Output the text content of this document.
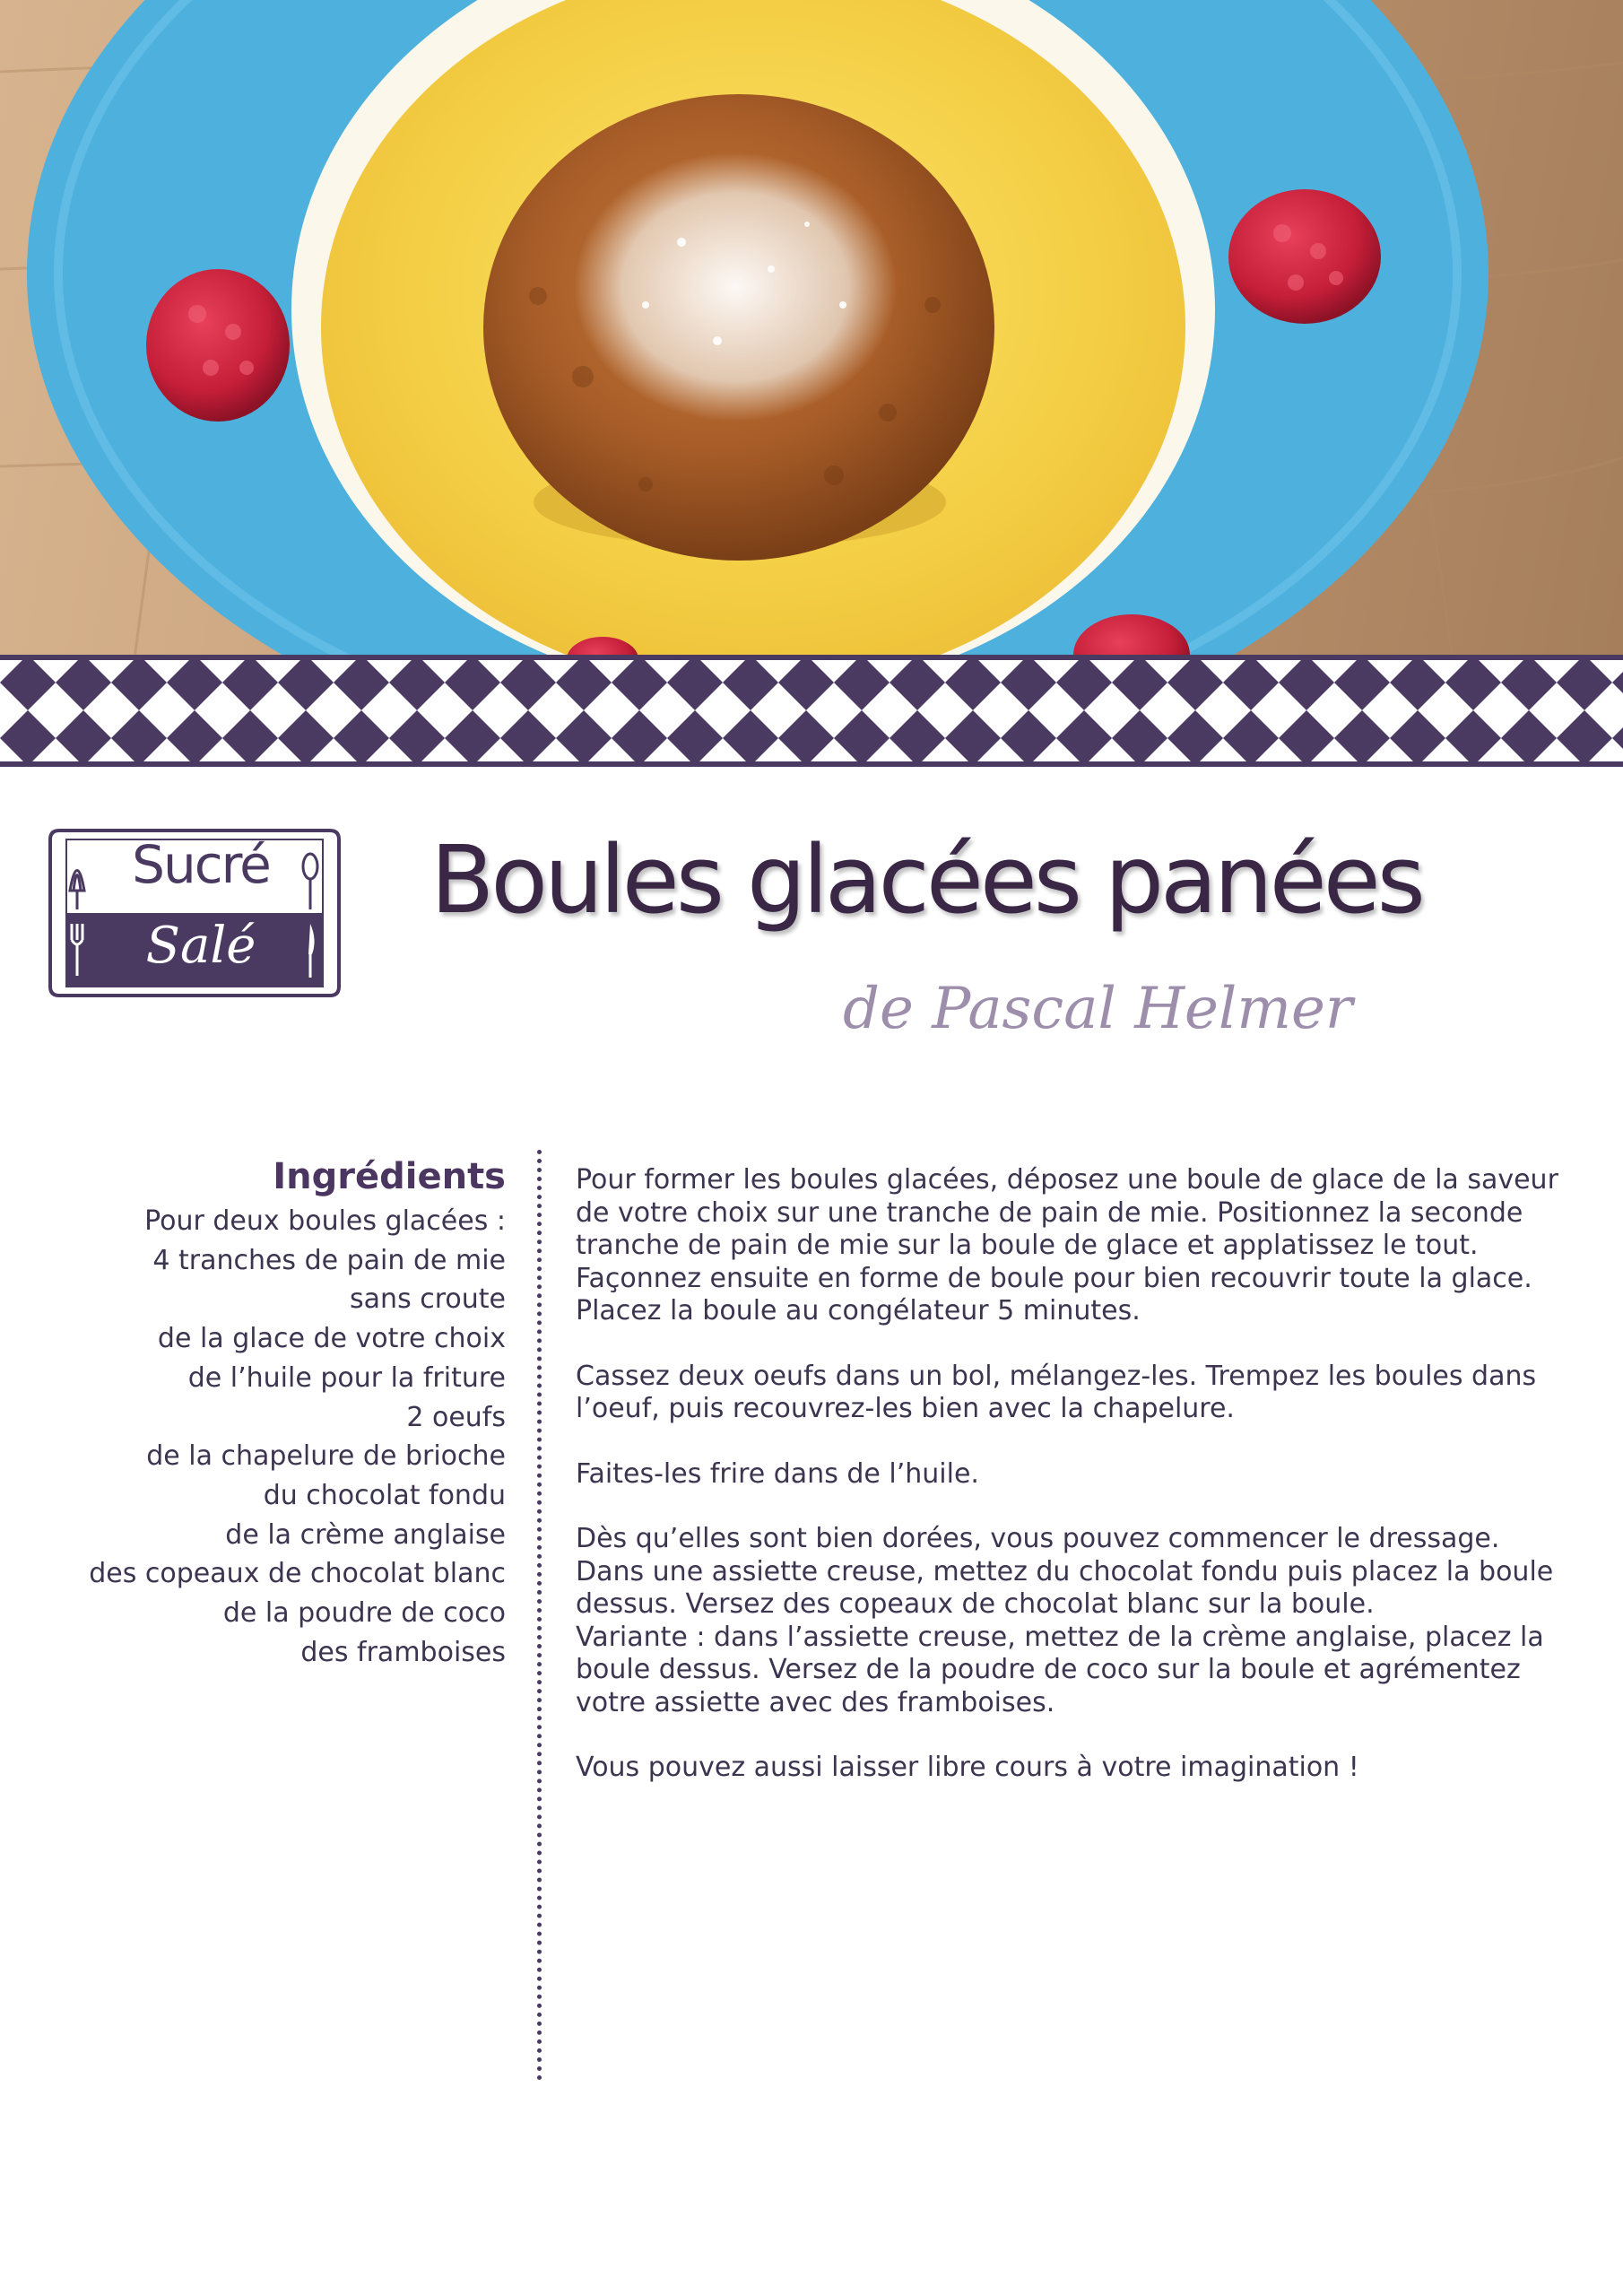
Sucré
Salé
Boules glacées panées
de Pascal Helmer
Ingrédients
Pour deux boules glacées :
4 tranches de pain de mie
sans croute
de la glace de votre choix
de l’huile pour la friture
2 oeufs
de la chapelure de brioche
du chocolat fondu
de la crème anglaise
des copeaux de chocolat blanc
de la poudre de coco
des framboises

Pour former les boules glacées, déposez une boule de glace de la saveur de votre choix sur une tranche de pain de mie. Positionnez la seconde tranche de pain de mie sur la boule de glace et applatissez le tout. Façonnez ensuite en forme de boule pour bien recouvrir toute la glace. Placez la boule au congélateur 5 minutes.

Cassez deux oeufs dans un bol, mélangez-les. Trempez les boules dans l’oeuf, puis recouvrez-les bien avec la chapelure.

Faites-les frire dans de l’huile.

Dès qu’elles sont bien dorées, vous pouvez commencer le dressage. Dans une assiette creuse, mettez du chocolat fondu puis placez la boule dessus. Versez des copeaux de chocolat blanc sur la boule.

Variante : dans l’assiette creuse, mettez de la crème anglaise, placez la boule dessus. Versez de la poudre de coco sur la boule et agrémentez votre assiette avec des framboises.

Vous pouvez aussi laisser libre cours à votre imagination !
